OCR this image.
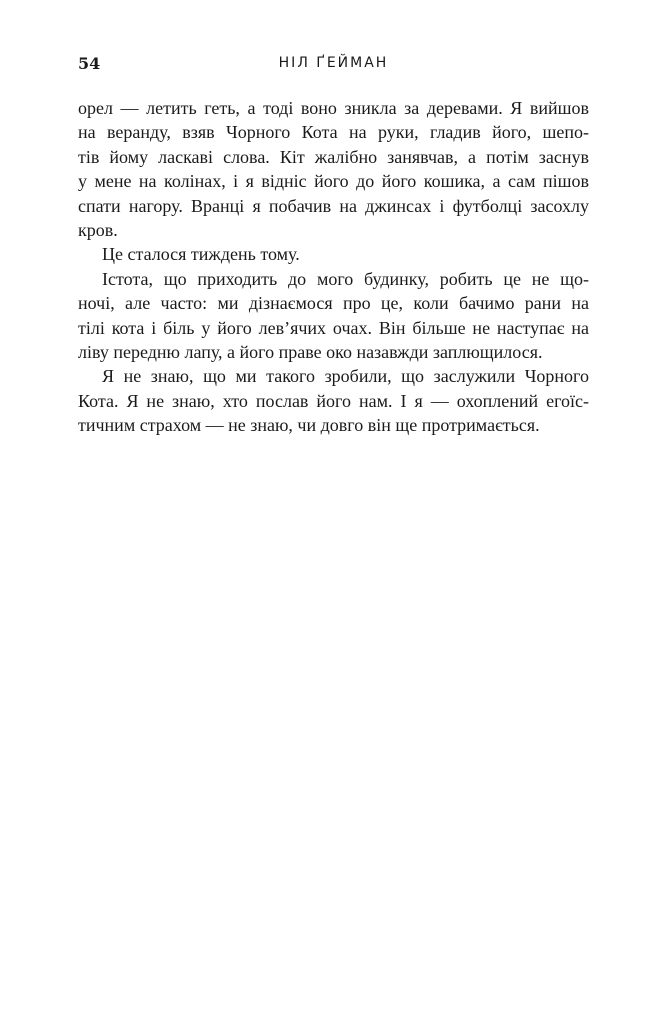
54	НІЛ ҐЕЙМАН
орел — летить геть, а тоді воно зникла за деревами. Я вийшов
на веранду, взяв Чорного Кота на руки, гладив його, шепо-
тів йому ласкаві слова. Кіт жалібно занявчав, а потім заснув
у мене на колінах, і я відніс його до його кошика, а сам пішов
спати нагору. Вранці я побачив на джинсах і футболці засохлу
кров.
Це сталося тиждень тому.
Істота, що приходить до мого будинку, робить це не що-
ночі, але часто: ми дізнаємося про це, коли бачимо рани на
тілі кота і біль у його лев’ячих очах. Він більше не наступає на
ліву передню лапу, а його праве око назавжди заплющилося.
Я не знаю, що ми такого зробили, що заслужили Чорного
Кота. Я не знаю, хто послав його нам. І я — охоплений егоїс-
тичним страхом — не знаю, чи довго він ще протримається.
